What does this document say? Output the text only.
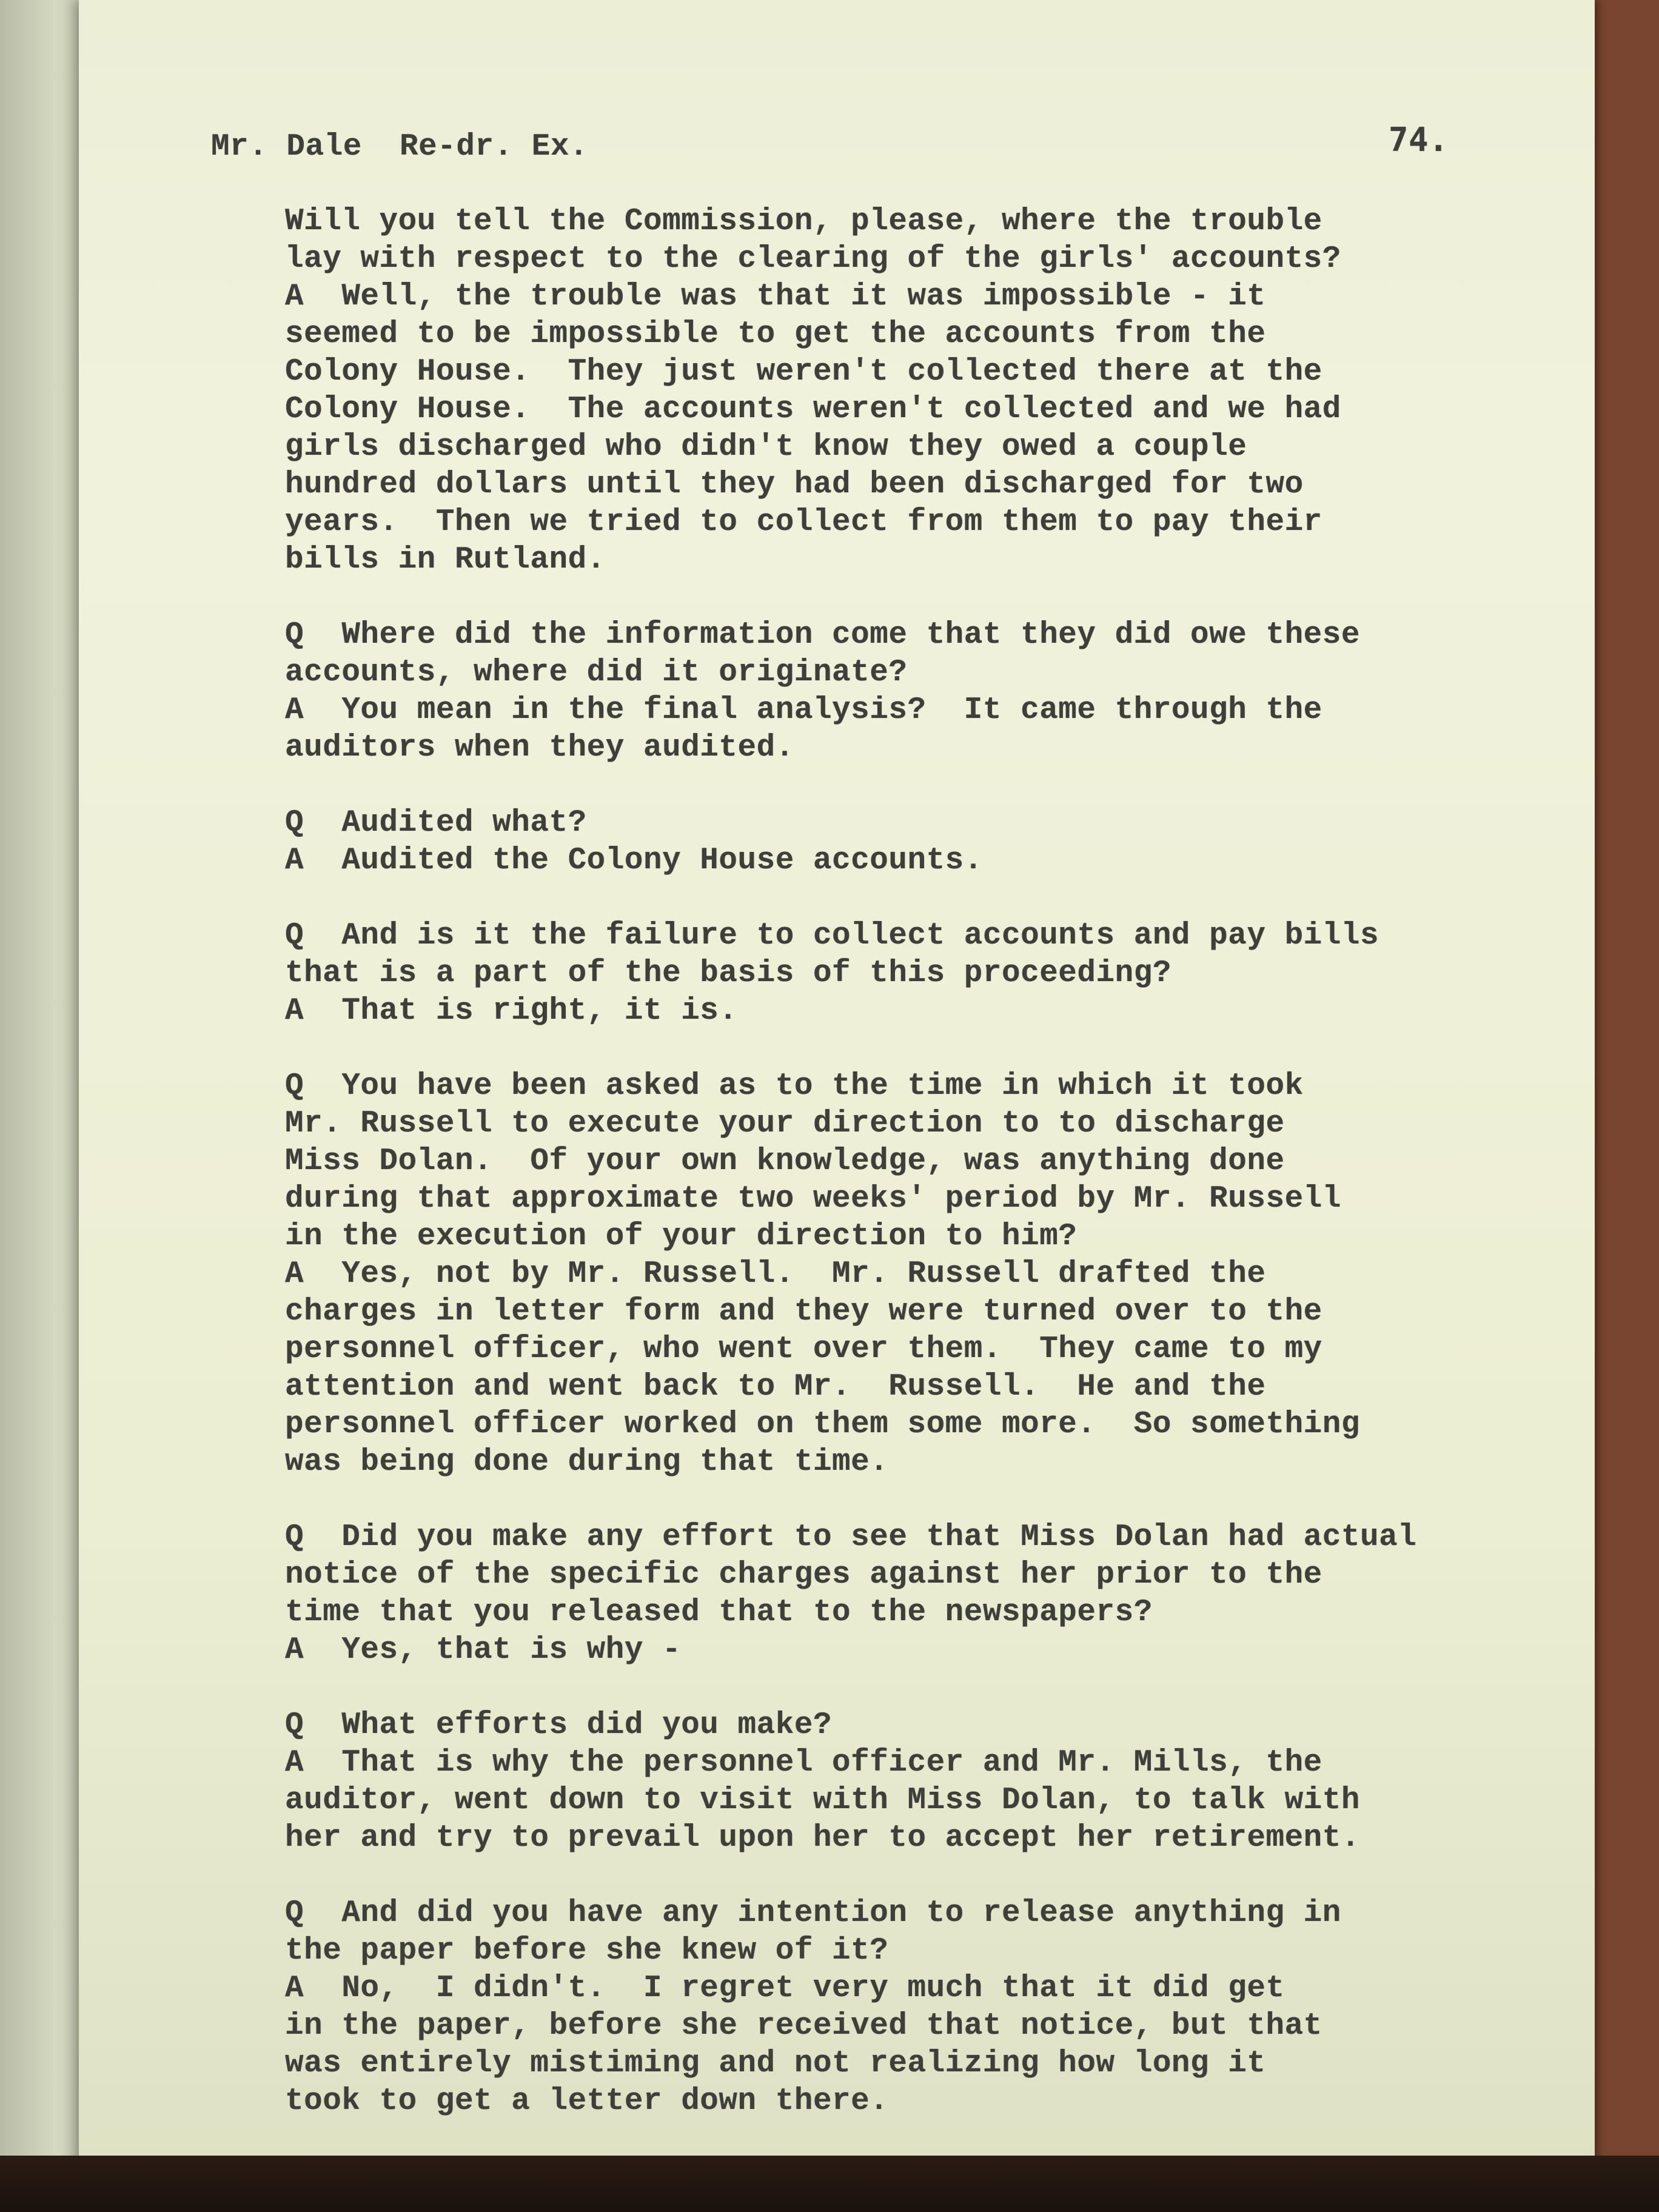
Mr. Dale  Re-dr. Ex.	74.
Will you tell the Commission, please, where the trouble
lay with respect to the clearing of the girls' accounts?
A  Well, the trouble was that it was impossible - it
seemed to be impossible to get the accounts from the
Colony House.  They just weren't collected there at the
Colony House.  The accounts weren't collected and we had
girls discharged who didn't know they owed a couple
hundred dollars until they had been discharged for two
years.  Then we tried to collect from them to pay their
bills in Rutland.
Q  Where did the information come that they did owe these
accounts, where did it originate?
A  You mean in the final analysis?  It came through the
auditors when they audited.
Q  Audited what?
A  Audited the Colony House accounts.
Q  And is it the failure to collect accounts and pay bills
that is a part of the basis of this proceeding?
A  That is right, it is.
Q  You have been asked as to the time in which it took
Mr. Russell to execute your direction to to discharge
Miss Dolan.  Of your own knowledge, was anything done
during that approximate two weeks' period by Mr. Russell
in the execution of your direction to him?
A  Yes, not by Mr. Russell.  Mr. Russell drafted the
charges in letter form and they were turned over to the
personnel officer, who went over them.  They came to my
attention and went back to Mr.  Russell.  He and the
personnel officer worked on them some more.  So something
was being done during that time.
Q  Did you make any effort to see that Miss Dolan had actual
notice of the specific charges against her prior to the
time that you released that to the newspapers?
A  Yes, that is why -
Q  What efforts did you make?
A  That is why the personnel officer and Mr. Mills, the
auditor, went down to visit with Miss Dolan, to talk with
her and try to prevail upon her to accept her retirement.
Q  And did you have any intention to release anything in
the paper before she knew of it?
A  No,  I didn't.  I regret very much that it did get
in the paper, before she received that notice, but that
was entirely mistiming and not realizing how long it
took to get a letter down there.
